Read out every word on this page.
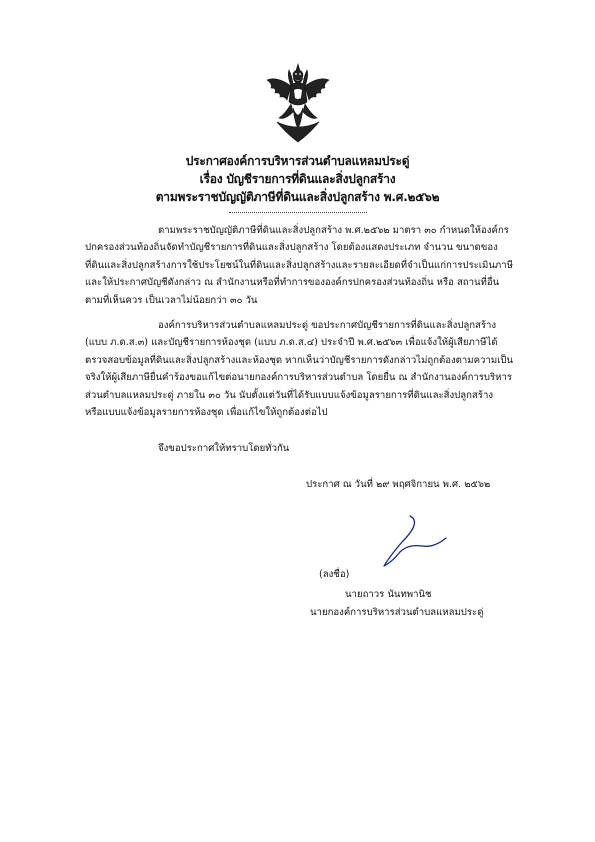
ประกาศองค์การบริหารส่วนตำบลแหลมประดู่
เรื่อง บัญชีรายการที่ดินและสิ่งปลูกสร้าง
ตามพระราชบัญญัติภาษีที่ดินและสิ่งปลูกสร้าง พ.ศ.๒๕๖๒
ตามพระราชบัญญัติภาษีที่ดินและสิ่งปลูกสร้าง พ.ศ.๒๕๖๒ มาตรา ๓๐ กำหนดให้องค์กร
ปกครองส่วนท้องถิ่นจัดทำบัญชีรายการที่ดินและสิ่งปลูกสร้าง โดยต้องแสดงประเภท จำนวน ขนาดของ
ที่ดินและสิ่งปลูกสร้างการใช้ประโยชน์ในที่ดินและสิ่งปลูกสร้างและรายละเอียดที่จำเป็นแก่การประเมินภาษี
และให้ประกาศบัญชีดังกล่าว ณ สำนักงานหรือที่ทำการขององค์กรปกครองส่วนท้องถิ่น หรือ สถานที่อื่น
ตามที่เห็นควร เป็นเวลาไม่น้อยกว่า ๓๐ วัน
องค์การบริหารส่วนตำบลแหลมประดู่ ขอประกาศบัญชีรายการที่ดินและสิ่งปลูกสร้าง
(แบบ ภ.ด.ส.๓) และบัญชีรายการห้องชุด (แบบ ภ.ด.ส.๔) ประจำปี พ.ศ.๒๕๖๓ เพื่อแจ้งให้ผู้เสียภาษีได้
ตรวจสอบข้อมูลที่ดินและสิ่งปลูกสร้างและห้องชุด หากเห็นว่าบัญชีรายการดังกล่าวไม่ถูกต้องตามความเป็น
จริงให้ผู้เสียภาษียื่นคำร้องขอแก้ไขต่อนายกองค์การบริหารส่วนตำบล โดยยื่น ณ สำนักงานองค์การบริหาร
ส่วนตำบลแหลมประดู่ ภายใน ๓๐ วัน นับตั้งแต่วันที่ได้รับแบบแจ้งข้อมูลรายการที่ดินและสิ่งปลูกสร้าง
หรือแบบแจ้งข้อมูลรายการห้องชุด เพื่อแก้ไขให้ถูกต้องต่อไป
จึงขอประกาศให้ทราบโดยทั่วกัน
ประกาศ ณ วันที่ ๒๙ พฤศจิกายน พ.ศ. ๒๕๖๒
(ลงชื่อ)
นายถาวร นันทพานิช
นายกองค์การบริหารส่วนตำบลแหลมประดู่
